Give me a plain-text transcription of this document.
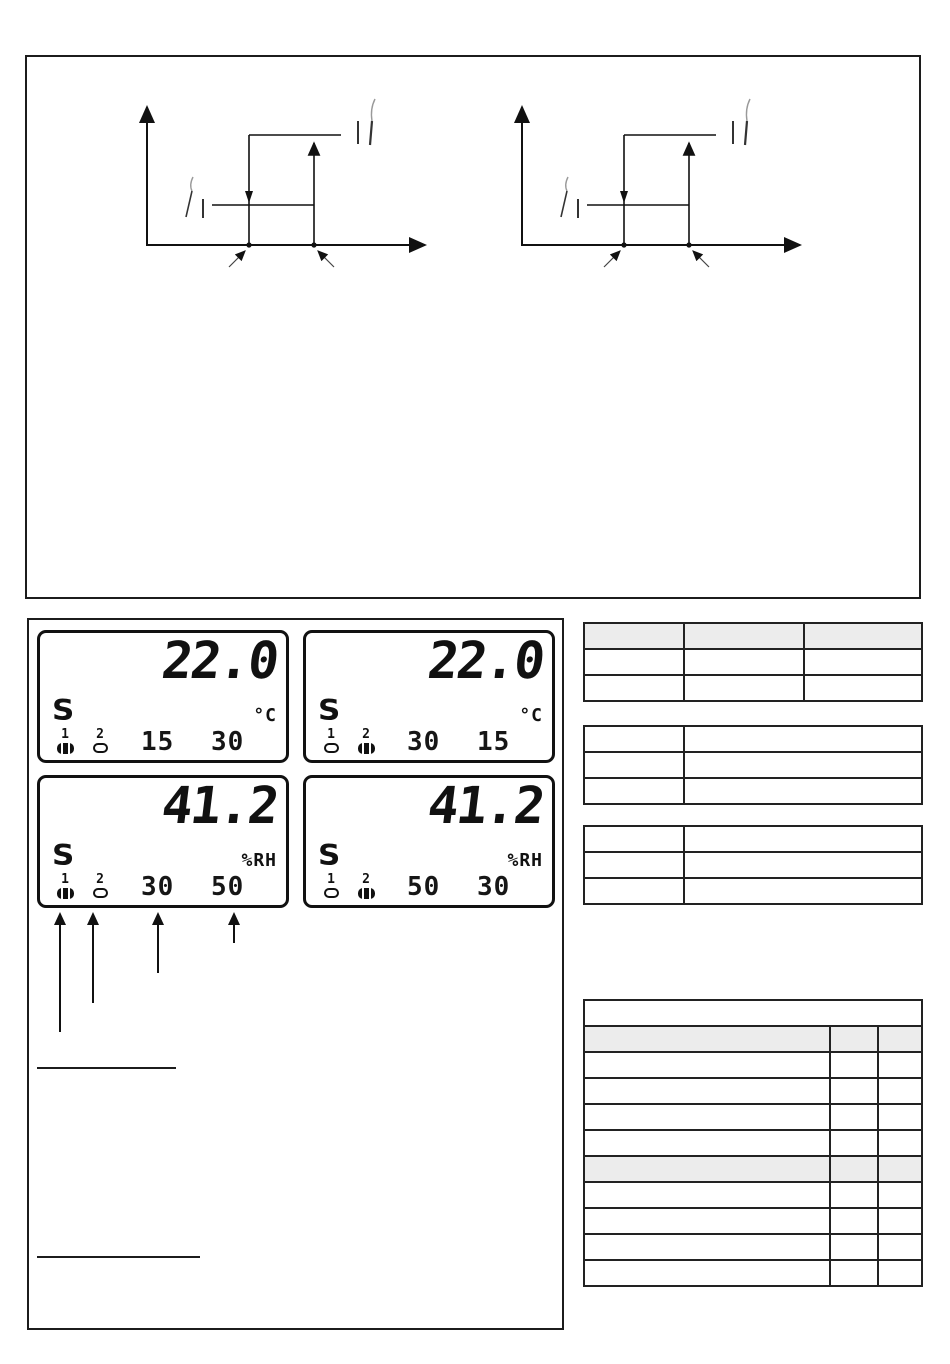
22.0
°C
S
1 2 15 30
22.0
°C
S
1 2 30 15
41.2
%RH
S
1 2 30 50
41.2
%RH
S
1 2 50 30
